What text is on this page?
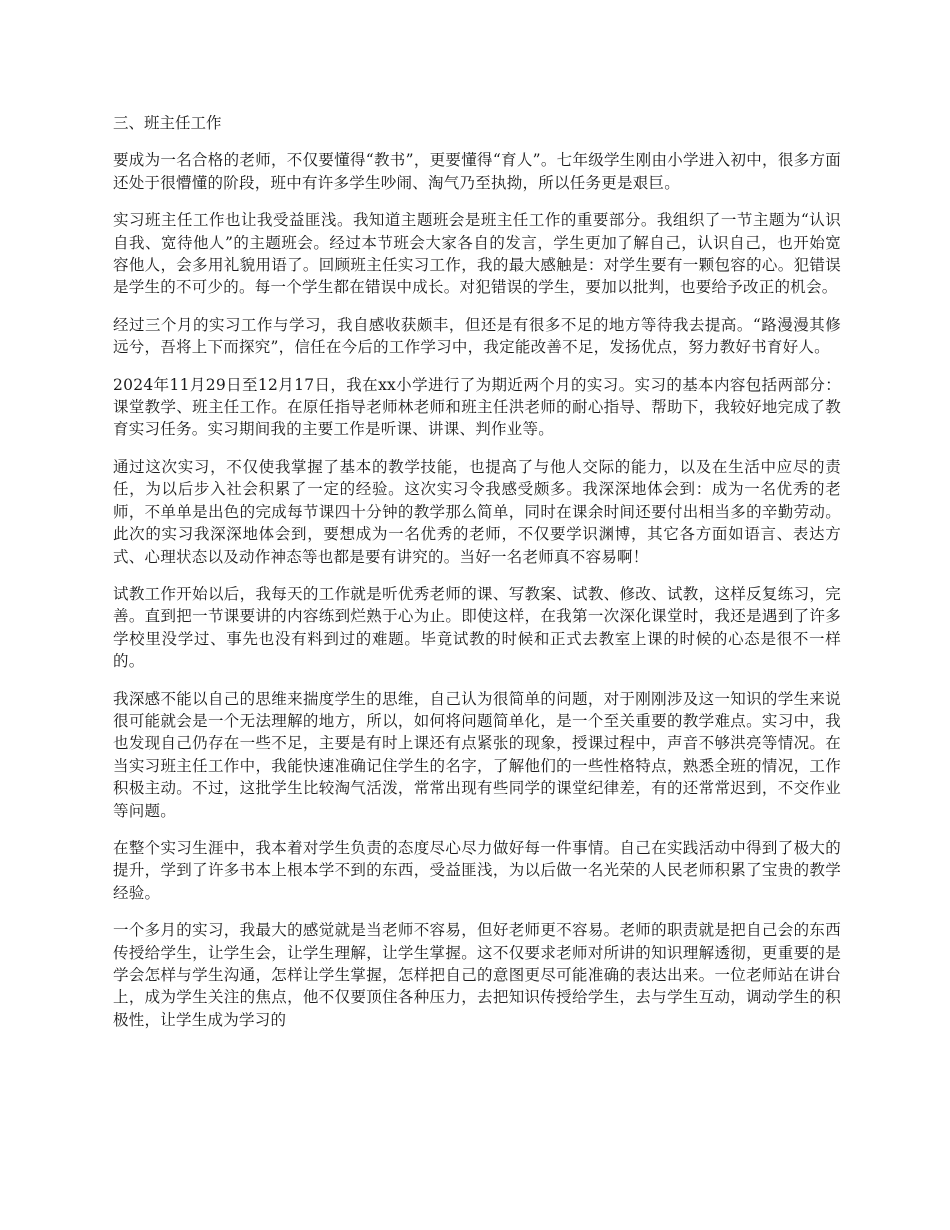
三、班主任工作

要成为一名合格的老师，不仅要懂得“教书”，更要懂得“育人”。七年级学生刚由小学进入初中，很多方面还处于很懵懂的阶段，班中有许多学生吵闹、淘气乃至执拗，所以任务更是艰巨。

实习班主任工作也让我受益匪浅。我知道主题班会是班主任工作的重要部分。我组织了一节主题为“认识自我、宽待他人”的主题班会。经过本节班会大家各自的发言，学生更加了解自己，认识自己，也开始宽容他人，会多用礼貌用语了。回顾班主任实习工作，我的最大感触是：对学生要有一颗包容的心。犯错误是学生的不可少的。每一个学生都在错误中成长。对犯错误的学生，要加以批判，也要给予改正的机会。

经过三个月的实习工作与学习，我自感收获颇丰，但还是有很多不足的地方等待我去提高。“路漫漫其修远兮，吾将上下而探究”，信任在今后的工作学习中，我定能改善不足，发扬优点，努力教好书育好人。

2024年11月29日至12月17日，我在xx小学进行了为期近两个月的实习。实习的基本内容包括两部分：课堂教学、班主任工作。在原任指导老师林老师和班主任洪老师的耐心指导、帮助下，我较好地完成了教育实习任务。实习期间我的主要工作是听课、讲课、判作业等。

通过这次实习，不仅使我掌握了基本的教学技能，也提高了与他人交际的能力，以及在生活中应尽的责任，为以后步入社会积累了一定的经验。这次实习令我感受颇多。我深深地体会到：成为一名优秀的老师，不单单是出色的完成每节课四十分钟的教学那么简单，同时在课余时间还要付出相当多的辛勤劳动。此次的实习我深深地体会到，要想成为一名优秀的老师，不仅要学识渊博，其它各方面如语言、表达方式、心理状态以及动作神态等也都是要有讲究的。当好一名老师真不容易啊！

试教工作开始以后，我每天的工作就是听优秀老师的课、写教案、试教、修改、试教，这样反复练习，完善。直到把一节课要讲的内容练到烂熟于心为止。即使这样，在我第一次深化课堂时，我还是遇到了许多学校里没学过、事先也没有料到过的难题。毕竟试教的时候和正式去教室上课的时候的心态是很不一样的。

我深感不能以自己的思维来揣度学生的思维，自己认为很简单的问题，对于刚刚涉及这一知识的学生来说很可能就会是一个无法理解的地方，所以，如何将问题简单化，是一个至关重要的教学难点。实习中，我也发现自己仍存在一些不足，主要是有时上课还有点紧张的现象，授课过程中，声音不够洪亮等情况。在当实习班主任工作中，我能快速准确记住学生的名字，了解他们的一些性格特点，熟悉全班的情况，工作积极主动。不过，这批学生比较淘气活泼，常常出现有些同学的课堂纪律差，有的还常常迟到，不交作业等问题。

在整个实习生涯中，我本着对学生负责的态度尽心尽力做好每一件事情。自己在实践活动中得到了极大的提升，学到了许多书本上根本学不到的东西，受益匪浅，为以后做一名光荣的人民老师积累了宝贵的教学经验。

一个多月的实习，我最大的感觉就是当老师不容易，但好老师更不容易。老师的职责就是把自己会的东西传授给学生，让学生会，让学生理解，让学生掌握。这不仅要求老师对所讲的知识理解透彻，更重要的是学会怎样与学生沟通，怎样让学生掌握，怎样把自己的意图更尽可能准确的表达出来。一位老师站在讲台上，成为学生关注的焦点，他不仅要顶住各种压力，去把知识传授给学生，去与学生互动，调动学生的积极性，让学生成为学习的
